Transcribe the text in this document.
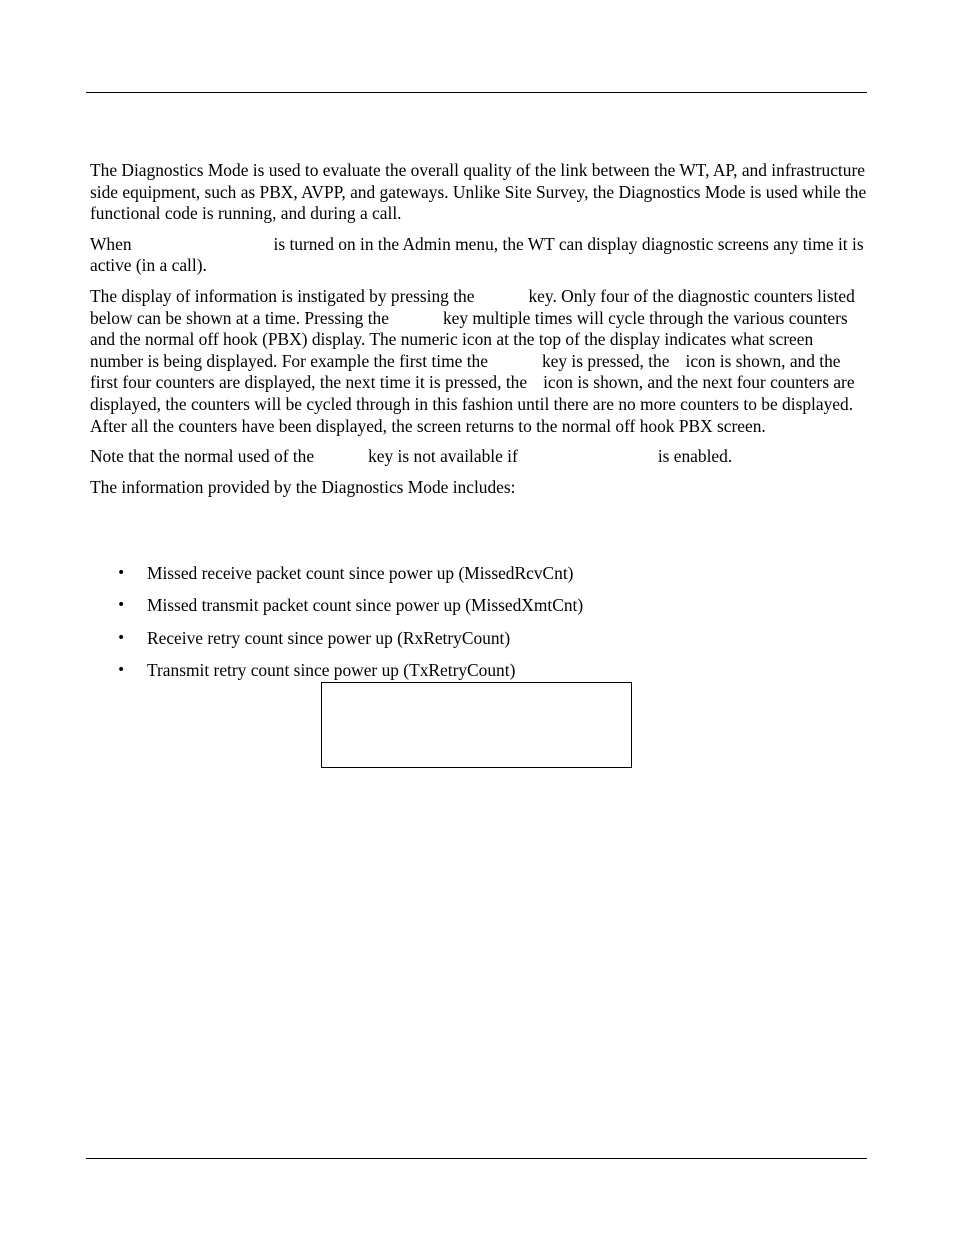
The Diagnostics Mode is used to evaluate the overall quality of the link between the WT, AP, and infrastructure side equipment, such as PBX, AVPP, and gateways. Unlike Site Survey, the Diagnostics Mode is used while the functional code is running, and during a call.

When	is turned on in the Admin menu, the WT can display diagnostic screens any time it is active (in a call).

The display of information is instigated by pressing the	key. Only four of the diagnostic counters listed below can be shown at a time. Pressing the	key multiple times will cycle through the various counters and the normal off hook (PBX) display. The numeric icon at the top of the display indicates what screen number is being displayed. For example the first time the	key is pressed, the icon is shown, and the first four counters are displayed, the next time it is pressed, the icon is shown, and the next four counters are displayed, the counters will be cycled through in this fashion until there are no more counters to be displayed. After all the counters have been displayed, the screen returns to the normal off hook PBX screen.

Note that the normal used of the	key is not available if	is enabled.

The information provided by the Diagnostics Mode includes:

• Missed receive packet count since power up (MissedRcvCnt)
• Missed transmit packet count since power up (MissedXmtCnt)
• Receive retry count since power up (RxRetryCount)
• Transmit retry count since power up (TxRetryCount)
